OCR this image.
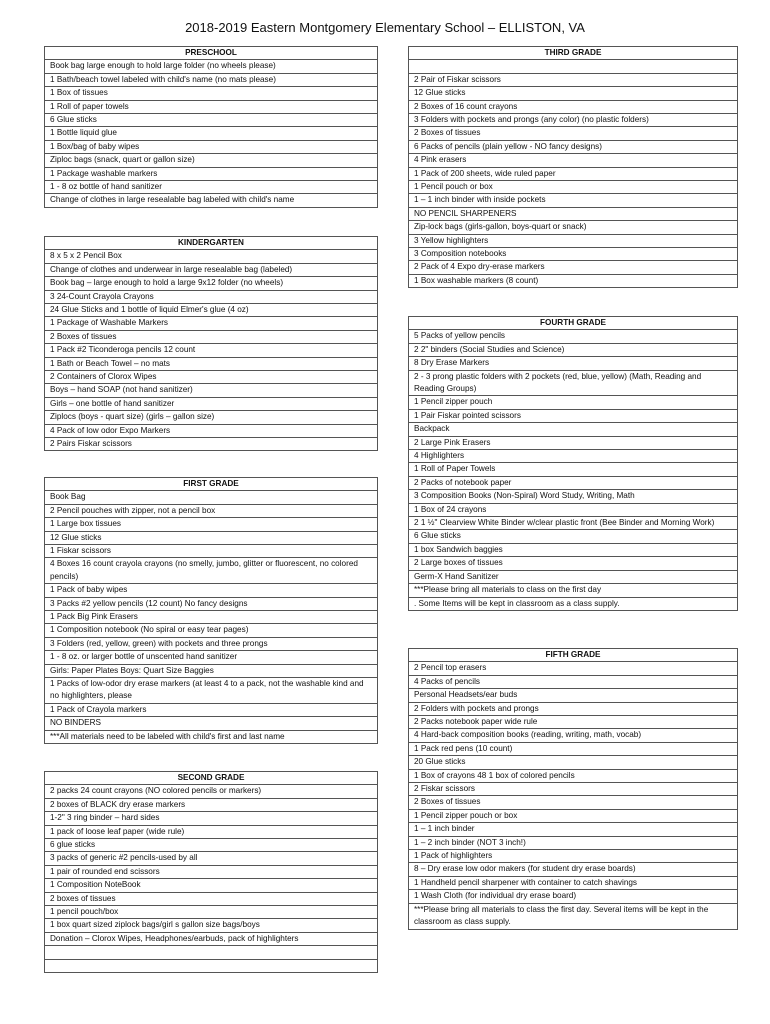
2018-2019 Eastern Montgomery Elementary School – ELLISTON, VA
PRESCHOOL
Book bag large enough to hold large folder (no wheels please)
1 Bath/beach towel labeled with child's name (no mats please)
1 Box of tissues
1 Roll of paper towels
6 Glue sticks
1 Bottle liquid glue
1 Box/bag of baby wipes
Ziploc bags (snack, quart or gallon size)
1 Package washable markers
1 - 8 oz bottle of hand sanitizer
Change of clothes in large resealable bag labeled with child's name
KINDERGARTEN
8 x 5 x 2 Pencil Box
Change of clothes and underwear in large resealable bag (labeled)
Book bag – large enough to hold a large 9x12 folder (no wheels)
3 24-Count Crayola Crayons
24 Glue Sticks and 1 bottle of liquid Elmer's glue (4 oz)
1 Package of Washable Markers
2 Boxes of tissues
1 Pack #2 Ticonderoga pencils 12 count
1 Bath or Beach Towel – no mats
2 Containers of Clorox Wipes
Boys – hand SOAP (not hand sanitizer)
Girls – one bottle of hand sanitizer
Ziplocs (boys - quart size) (girls – gallon size)
4 Pack of low odor Expo Markers
2 Pairs Fiskar scissors
FIRST GRADE
Book Bag
2 Pencil pouches with zipper, not a pencil box
1 Large box tissues
12 Glue sticks
1 Fiskar scissors
4 Boxes 16 count crayola crayons (no smelly, jumbo, glitter or fluorescent, no colored pencils)
1 Pack of baby wipes
3 Packs #2 yellow pencils (12 count) No fancy designs
1 Pack Big Pink Erasers
1 Composition notebook (No spiral or easy tear pages)
3 Folders (red, yellow, green) with pockets and three prongs
1 - 8 oz. or larger bottle of unscented hand sanitizer
Girls: Paper Plates Boys: Quart Size Baggies
1 Packs of low-odor dry erase markers (at least 4 to a pack, not the washable kind and no highlighters, please
1 Pack of Crayola markers
NO BINDERS
***All materials need to be labeled with child's first and last name
SECOND GRADE
2 packs 24 count crayons (NO colored pencils or markers)
2 boxes of BLACK dry erase markers
1-2" 3 ring binder – hard sides
1 pack of loose leaf paper (wide rule)
6 glue sticks
3 packs of generic #2 pencils-used by all
1 pair of rounded end scissors
1 Composition NoteBook
2 boxes of tissues
1 pencil pouch/box
1 box quart sized ziplock bags/girl s gallon size bags/boys
Donation – Clorox Wipes, Headphones/earbuds, pack of highlighters
THIRD GRADE
2 Pair of Fiskar scissors
12 Glue sticks
2 Boxes of 16 count crayons
3 Folders with pockets and prongs (any color) (no plastic folders)
2 Boxes of tissues
6 Packs of pencils (plain yellow - NO fancy designs)
4 Pink erasers
1 Pack of 200 sheets, wide ruled paper
1 Pencil pouch or box
1 – 1 inch binder with inside pockets
NO PENCIL SHARPENERS
Zip-lock bags (girls-gallon, boys-quart or snack)
3 Yellow highlighters
3 Composition notebooks
2 Pack of 4 Expo dry-erase markers
1 Box washable markers (8 count)
FOURTH GRADE
5 Packs of yellow pencils
2 2" binders (Social Studies and Science)
8 Dry Erase Markers
2 - 3 prong plastic folders with 2 pockets (red, blue, yellow) (Math, Reading and Reading Groups)
1 Pencil zipper pouch
1 Pair Fiskar pointed scissors
Backpack
2 Large Pink Erasers
4 Highlighters
1 Roll of Paper Towels
2 Packs of notebook paper
3 Composition Books (Non-Spiral) Word Study, Writing, Math
1 Box of 24 crayons
2 1 ½" Clearview White Binder w/clear plastic front (Bee Binder and Morning Work)
6 Glue sticks
1 box Sandwich baggies
2 Large boxes of tissues
Germ-X Hand Sanitizer
***Please bring all materials to class on the first day
. Some Items will be kept in classroom as a class supply.
FIFTH GRADE
2 Pencil top erasers
4 Packs of pencils
Personal Headsets/ear buds
2 Folders with pockets and prongs
2 Packs notebook paper wide rule
4 Hard-back composition books (reading, writing, math, vocab)
1 Pack red pens (10 count)
20 Glue sticks
1 Box of crayons 48 1 box of colored pencils
2 Fiskar scissors
2 Boxes of tissues
1 Pencil zipper pouch or box
1 – 1 inch binder
1 – 2 inch binder (NOT 3 inch!)
1 Pack of highlighters
8 – Dry erase low odor makers (for student dry erase boards)
1 Handheld pencil sharpener with container to catch shavings
1 Wash Cloth (for individual dry erase board)
***Please bring all materials to class the first day. Several items will be kept in the classroom as class supply.
